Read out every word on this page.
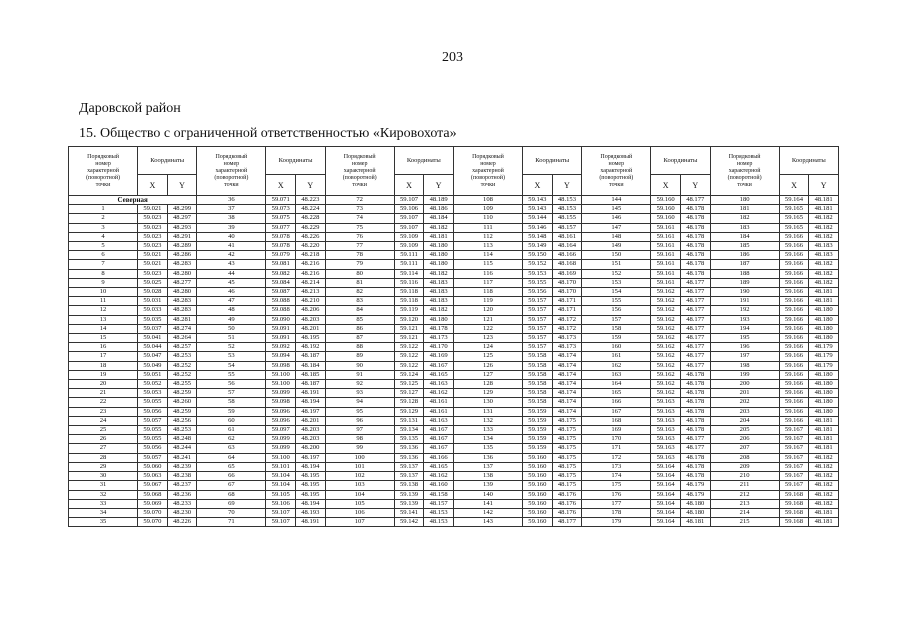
203
Даровской район
15. Общество с ограниченной ответственностью «Кировохота»
Порядковый
номер
характерной
(поворотной)
точки	Координаты		Порядковый
номер
характерной
(поворотной)
точки	Координаты		Порядковый
номер
характерной
(поворотной)
точки	Координаты		Порядковый
номер
характерной
(поворотной)
точки	Координаты		Порядковый
номер
характерной
(поворотной)
точки	Координаты		Порядковый
номер
характерной
(поворотной)
точки	Координаты	
	X	Y		X	Y		X	Y		X	Y		X	Y		X	Y
Северная			36	59.071	48.223	72	59.107	48.189	108	59.143	48.153	144	59.160	48.177	180	59.164	48.181
1	59.021	48.299	37	59.073	48.224	73	59.106	48.186	109	59.143	48.153	145	59.160	48.178	181	59.165	48.181
2	59.023	48.297	38	59.075	48.228	74	59.107	48.184	110	59.144	48.155	146	59.160	48.178	182	59.165	48.182
3	59.023	48.293	39	59.077	48.229	75	59.107	48.182	111	59.146	48.157	147	59.161	48.178	183	59.165	48.182
4	59.023	48.291	40	59.078	48.226	76	59.109	48.181	112	59.148	48.161	148	59.161	48.178	184	59.166	48.182
5	59.023	48.289	41	59.078	48.220	77	59.109	48.180	113	59.149	48.164	149	59.161	48.178	185	59.166	48.183
6	59.021	48.286	42	59.079	48.218	78	59.111	48.180	114	59.150	48.166	150	59.161	48.178	186	59.166	48.183
7	59.021	48.283	43	59.081	48.216	79	59.111	48.180	115	59.152	48.168	151	59.161	48.178	187	59.166	48.182
8	59.023	48.280	44	59.082	48.216	80	59.114	48.182	116	59.153	48.169	152	59.161	48.178	188	59.166	48.182
9	59.025	48.277	45	59.084	48.214	81	59.116	48.183	117	59.155	48.170	153	59.161	48.177	189	59.166	48.182
10	59.028	48.280	46	59.087	48.213	82	59.118	48.183	118	59.156	48.170	154	59.162	48.177	190	59.166	48.181
11	59.031	48.283	47	59.088	48.210	83	59.118	48.183	119	59.157	48.171	155	59.162	48.177	191	59.166	48.181
12	59.033	48.283	48	59.088	48.206	84	59.119	48.182	120	59.157	48.171	156	59.162	48.177	192	59.166	48.180
13	59.035	48.281	49	59.090	48.203	85	59.120	48.180	121	59.157	48.172	157	59.162	48.177	193	59.166	48.180
14	59.037	48.274	50	59.091	48.201	86	59.121	48.178	122	59.157	48.172	158	59.162	48.177	194	59.166	48.180
15	59.041	48.264	51	59.091	48.195	87	59.121	48.173	123	59.157	48.173	159	59.162	48.177	195	59.166	48.180
16	59.044	48.257	52	59.092	48.192	88	59.122	48.170	124	59.157	48.173	160	59.162	48.177	196	59.166	48.179
17	59.047	48.253	53	59.094	48.187	89	59.122	48.169	125	59.158	48.174	161	59.162	48.177	197	59.166	48.179
18	59.049	48.252	54	59.098	48.184	90	59.122	48.167	126	59.158	48.174	162	59.162	48.177	198	59.166	48.179
19	59.051	48.252	55	59.100	48.185	91	59.124	48.165	127	59.158	48.174	163	59.162	48.178	199	59.166	48.180
20	59.052	48.255	56	59.100	48.187	92	59.125	48.163	128	59.158	48.174	164	59.162	48.178	200	59.166	48.180
21	59.053	48.259	57	59.099	48.191	93	59.127	48.162	129	59.158	48.174	165	59.162	48.178	201	59.166	48.180
22	59.055	48.260	58	59.098	48.194	94	59.128	48.161	130	59.158	48.174	166	59.163	48.178	202	59.166	48.180
23	59.056	48.259	59	59.096	48.197	95	59.129	48.161	131	59.159	48.174	167	59.163	48.178	203	59.166	48.180
24	59.057	48.256	60	59.096	48.201	96	59.131	48.163	132	59.159	48.175	168	59.163	48.178	204	59.166	48.181
25	59.055	48.253	61	59.097	48.203	97	59.134	48.167	133	59.159	48.175	169	59.163	48.178	205	59.167	48.181
26	59.055	48.248	62	59.099	48.203	98	59.135	48.167	134	59.159	48.175	170	59.163	48.177	206	59.167	48.181
27	59.056	48.244	63	59.099	48.200	99	59.136	48.167	135	59.159	48.175	171	59.163	48.177	207	59.167	48.181
28	59.057	48.241	64	59.100	48.197	100	59.136	48.166	136	59.160	48.175	172	59.163	48.178	208	59.167	48.182
29	59.060	48.239	65	59.101	48.194	101	59.137	48.165	137	59.160	48.175	173	59.164	48.178	209	59.167	48.182
30	59.063	48.238	66	59.104	48.195	102	59.137	48.162	138	59.160	48.175	174	59.164	48.178	210	59.167	48.182
31	59.067	48.237	67	59.104	48.195	103	59.138	48.160	139	59.160	48.175	175	59.164	48.179	211	59.167	48.182
32	59.068	48.236	68	59.105	48.195	104	59.139	48.158	140	59.160	48.176	176	59.164	48.179	212	59.168	48.182
33	59.069	48.233	69	59.106	48.194	105	59.139	48.157	141	59.160	48.176	177	59.164	48.180	213	59.168	48.182
34	59.070	48.230	70	59.107	48.193	106	59.141	48.153	142	59.160	48.176	178	59.164	48.180	214	59.168	48.181
35	59.070	48.226	71	59.107	48.191	107	59.142	48.153	143	59.160	48.177	179	59.164	48.181	215	59.168	48.181
